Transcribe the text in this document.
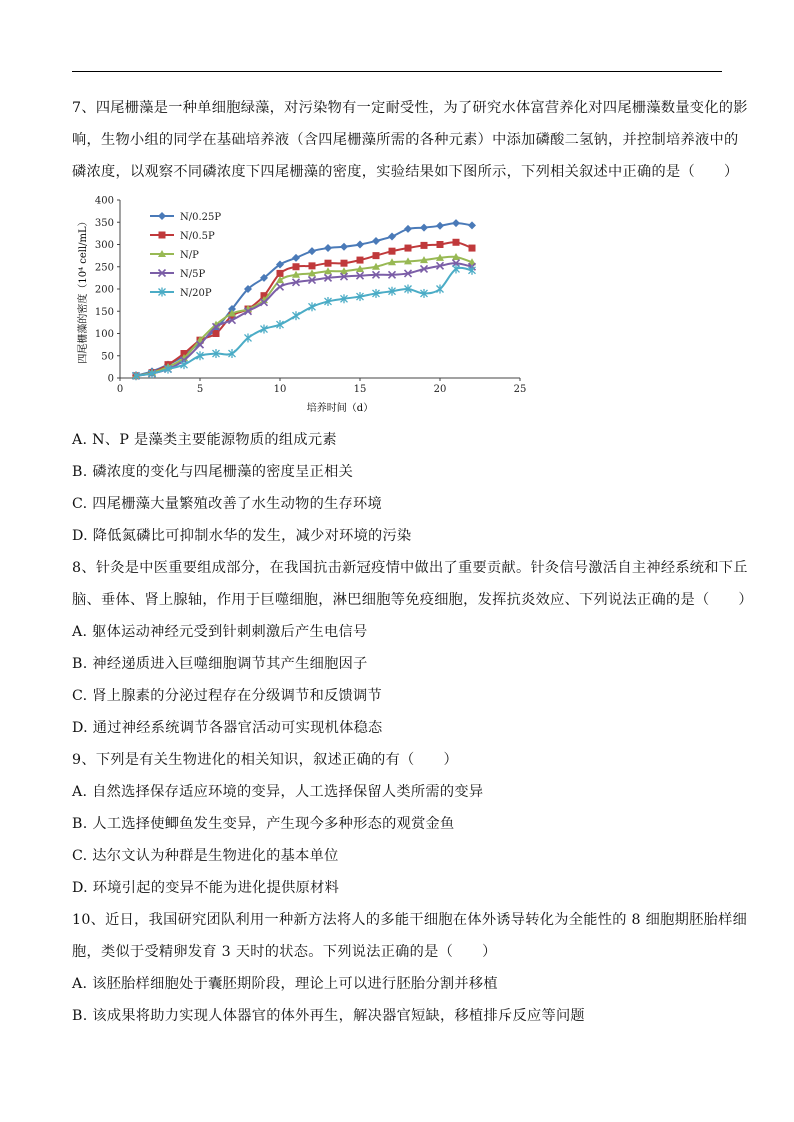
7、四尾栅藻是一种单细胞绿藻，对污染物有一定耐受性，为了研究水体富营养化对四尾栅藻数量变化的影
响，生物小组的同学在基础培养液（含四尾栅藻所需的各种元素）中添加磷酸二氢钠，并控制培养液中的
磷浓度，以观察不同磷浓度下四尾栅藻的密度，实验结果如下图所示，下列相关叙述中正确的是（　　）
0
50
100
150
200
250
300
350
400
0	5	10	15	20	25
N/0.25P
N/0.5P
N/P
N/5P
N/20P
培养时间（d）
四尾栅藻的密度（10⁴ cell/mL）
A. N、P 是藻类主要能源物质的组成元素
B. 磷浓度的变化与四尾栅藻的密度呈正相关
C. 四尾栅藻大量繁殖改善了水生动物的生存环境
D. 降低氮磷比可抑制水华的发生，减少对环境的污染
8、针灸是中医重要组成部分，在我国抗击新冠疫情中做出了重要贡献。针灸信号激活自主神经系统和下丘
脑、垂体、肾上腺轴，作用于巨噬细胞，淋巴细胞等免疫细胞，发挥抗炎效应、下列说法正确的是（　　）
A. 躯体运动神经元受到针刺刺激后产生电信号
B. 神经递质进入巨噬细胞调节其产生细胞因子
C. 肾上腺素的分泌过程存在分级调节和反馈调节
D. 通过神经系统调节各器官活动可实现机体稳态
9、下列是有关生物进化的相关知识，叙述正确的有（　　）
A. 自然选择保存适应环境的变异，人工选择保留人类所需的变异
B. 人工选择使鲫鱼发生变异，产生现今多种形态的观赏金鱼
C. 达尔文认为种群是生物进化的基本单位
D. 环境引起的变异不能为进化提供原材料
10、近日，我国研究团队利用一种新方法将人的多能干细胞在体外诱导转化为全能性的 8 细胞期胚胎样细
胞，类似于受精卵发育 3 天时的状态。下列说法正确的是（　　）
A. 该胚胎样细胞处于囊胚期阶段，理论上可以进行胚胎分割并移植
B. 该成果将助力实现人体器官的体外再生，解决器官短缺，移植排斥反应等问题
